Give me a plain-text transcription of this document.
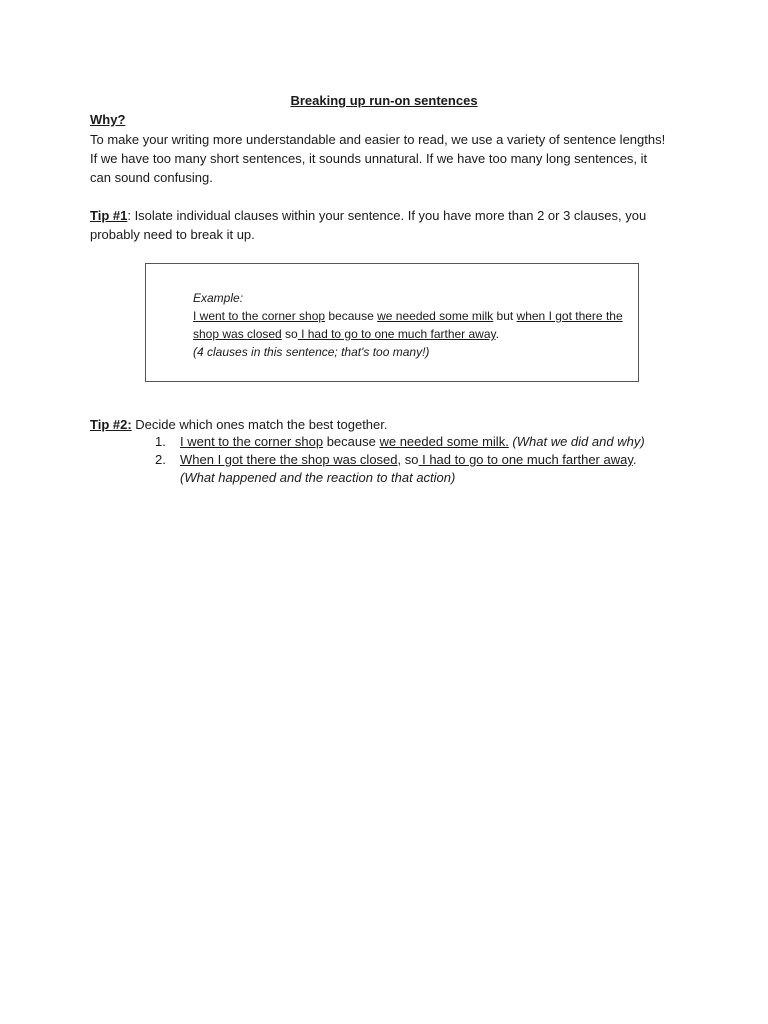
Breaking up run-on sentences
Why?
To make your writing more understandable and easier to read, we use a variety of sentence lengths! If we have too many short sentences, it sounds unnatural. If we have too many long sentences, it can sound confusing.
Tip #1: Isolate individual clauses within your sentence. If you have more than 2 or 3 clauses, you probably need to break it up.
Example:
I went to the corner shop because we needed some milk but when I got there the shop was closed so I had to go to one much farther away.
(4 clauses in this sentence; that's too many!)
Tip #2: Decide which ones match the best together.
1.	I went to the corner shop because we needed some milk. (What we did and why)
2.	When I got there the shop was closed, so I had to go to one much farther away.
(What happened and the reaction to that action)
